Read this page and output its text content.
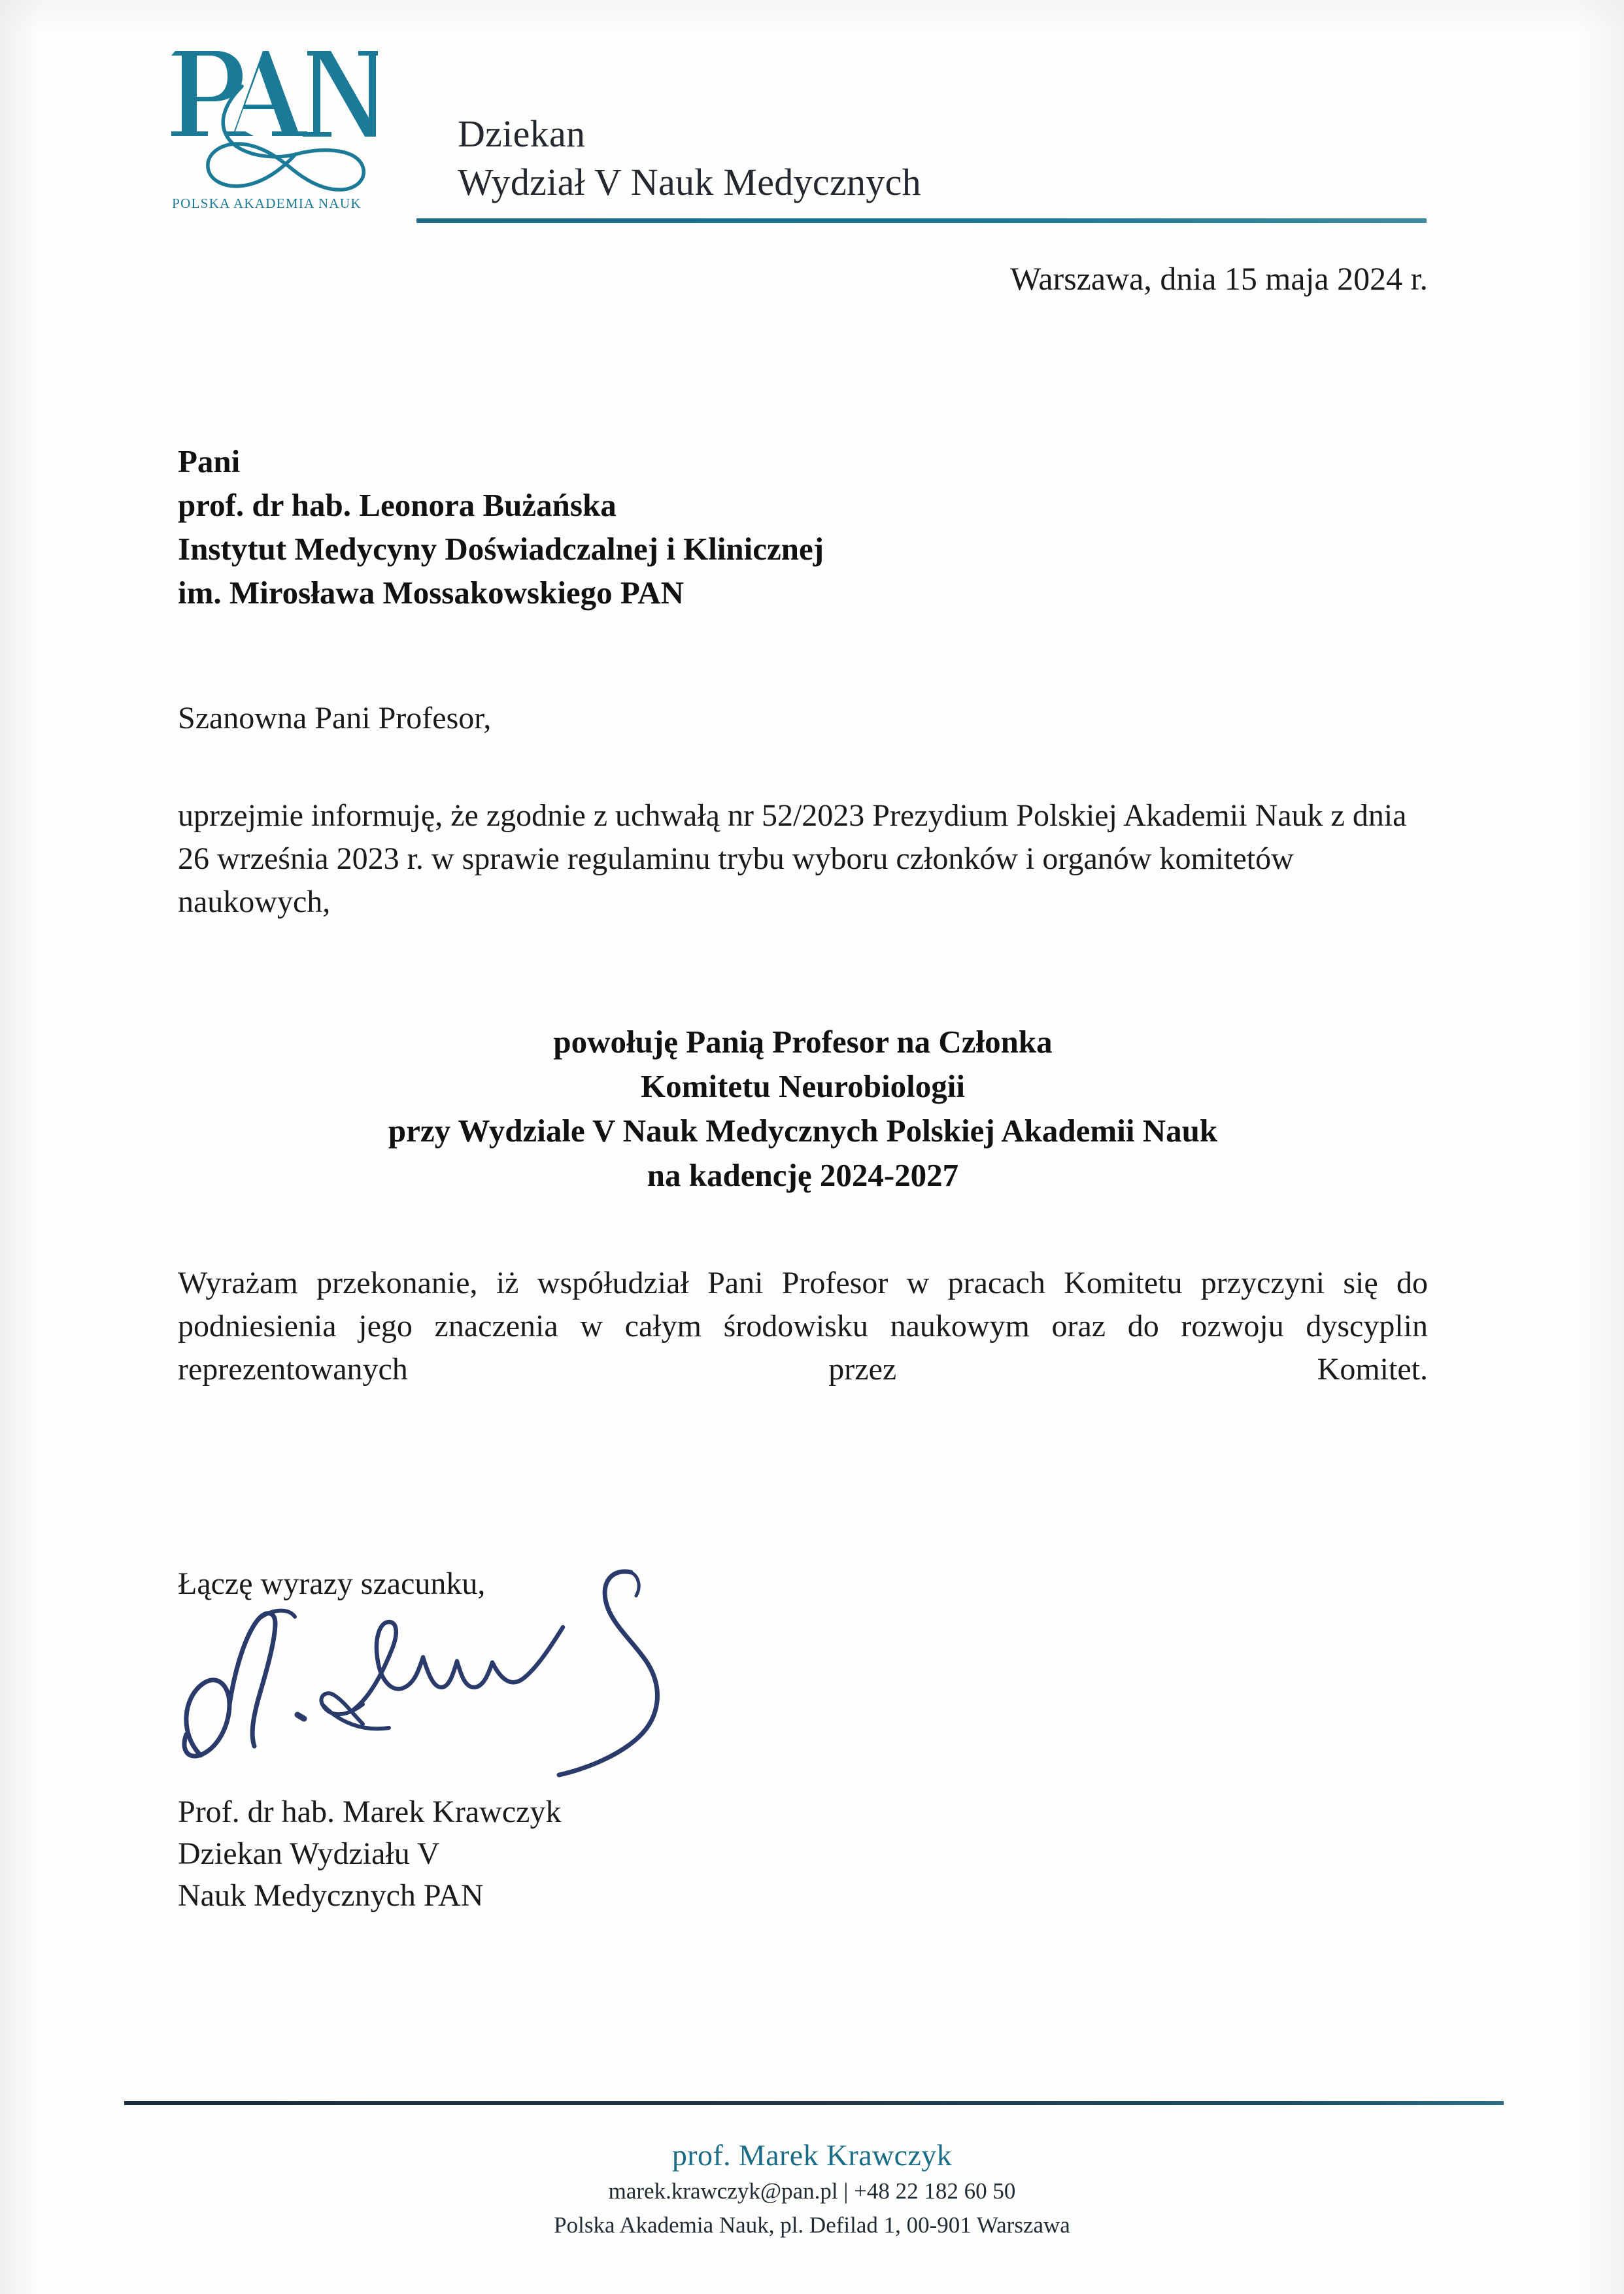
POLSKA AKADEMIA NAUK
Dziekan
Wydział V Nauk Medycznych
Warszawa, dnia 15 maja 2024 r.
Pani
prof. dr hab. Leonora Bużańska
Instytut Medycyny Doświadczalnej i Klinicznej
im. Mirosława Mossakowskiego PAN
Szanowna Pani Profesor,
uprzejmie informuję, że zgodnie z uchwałą nr 52/2023 Prezydium Polskiej Akademii Nauk z dnia 26 września 2023 r. w sprawie regulaminu trybu wyboru członków i organów komitetów naukowych,
powołuję Panią Profesor na Członka
Komitetu Neurobiologii
przy Wydziale V Nauk Medycznych Polskiej Akademii Nauk
na kadencję 2024-2027
Wyrażam przekonanie, iż współudział Pani Profesor w pracach Komitetu przyczyni się do podniesienia jego znaczenia w całym środowisku naukowym oraz do rozwoju dyscyplin reprezentowanych przez Komitet.
Łączę wyrazy szacunku,
Prof. dr hab. Marek Krawczyk
Dziekan Wydziału V
Nauk Medycznych PAN
prof. Marek Krawczyk
marek.krawczyk@pan.pl | +48 22 182 60 50
Polska Akademia Nauk, pl. Defilad 1, 00-901 Warszawa
